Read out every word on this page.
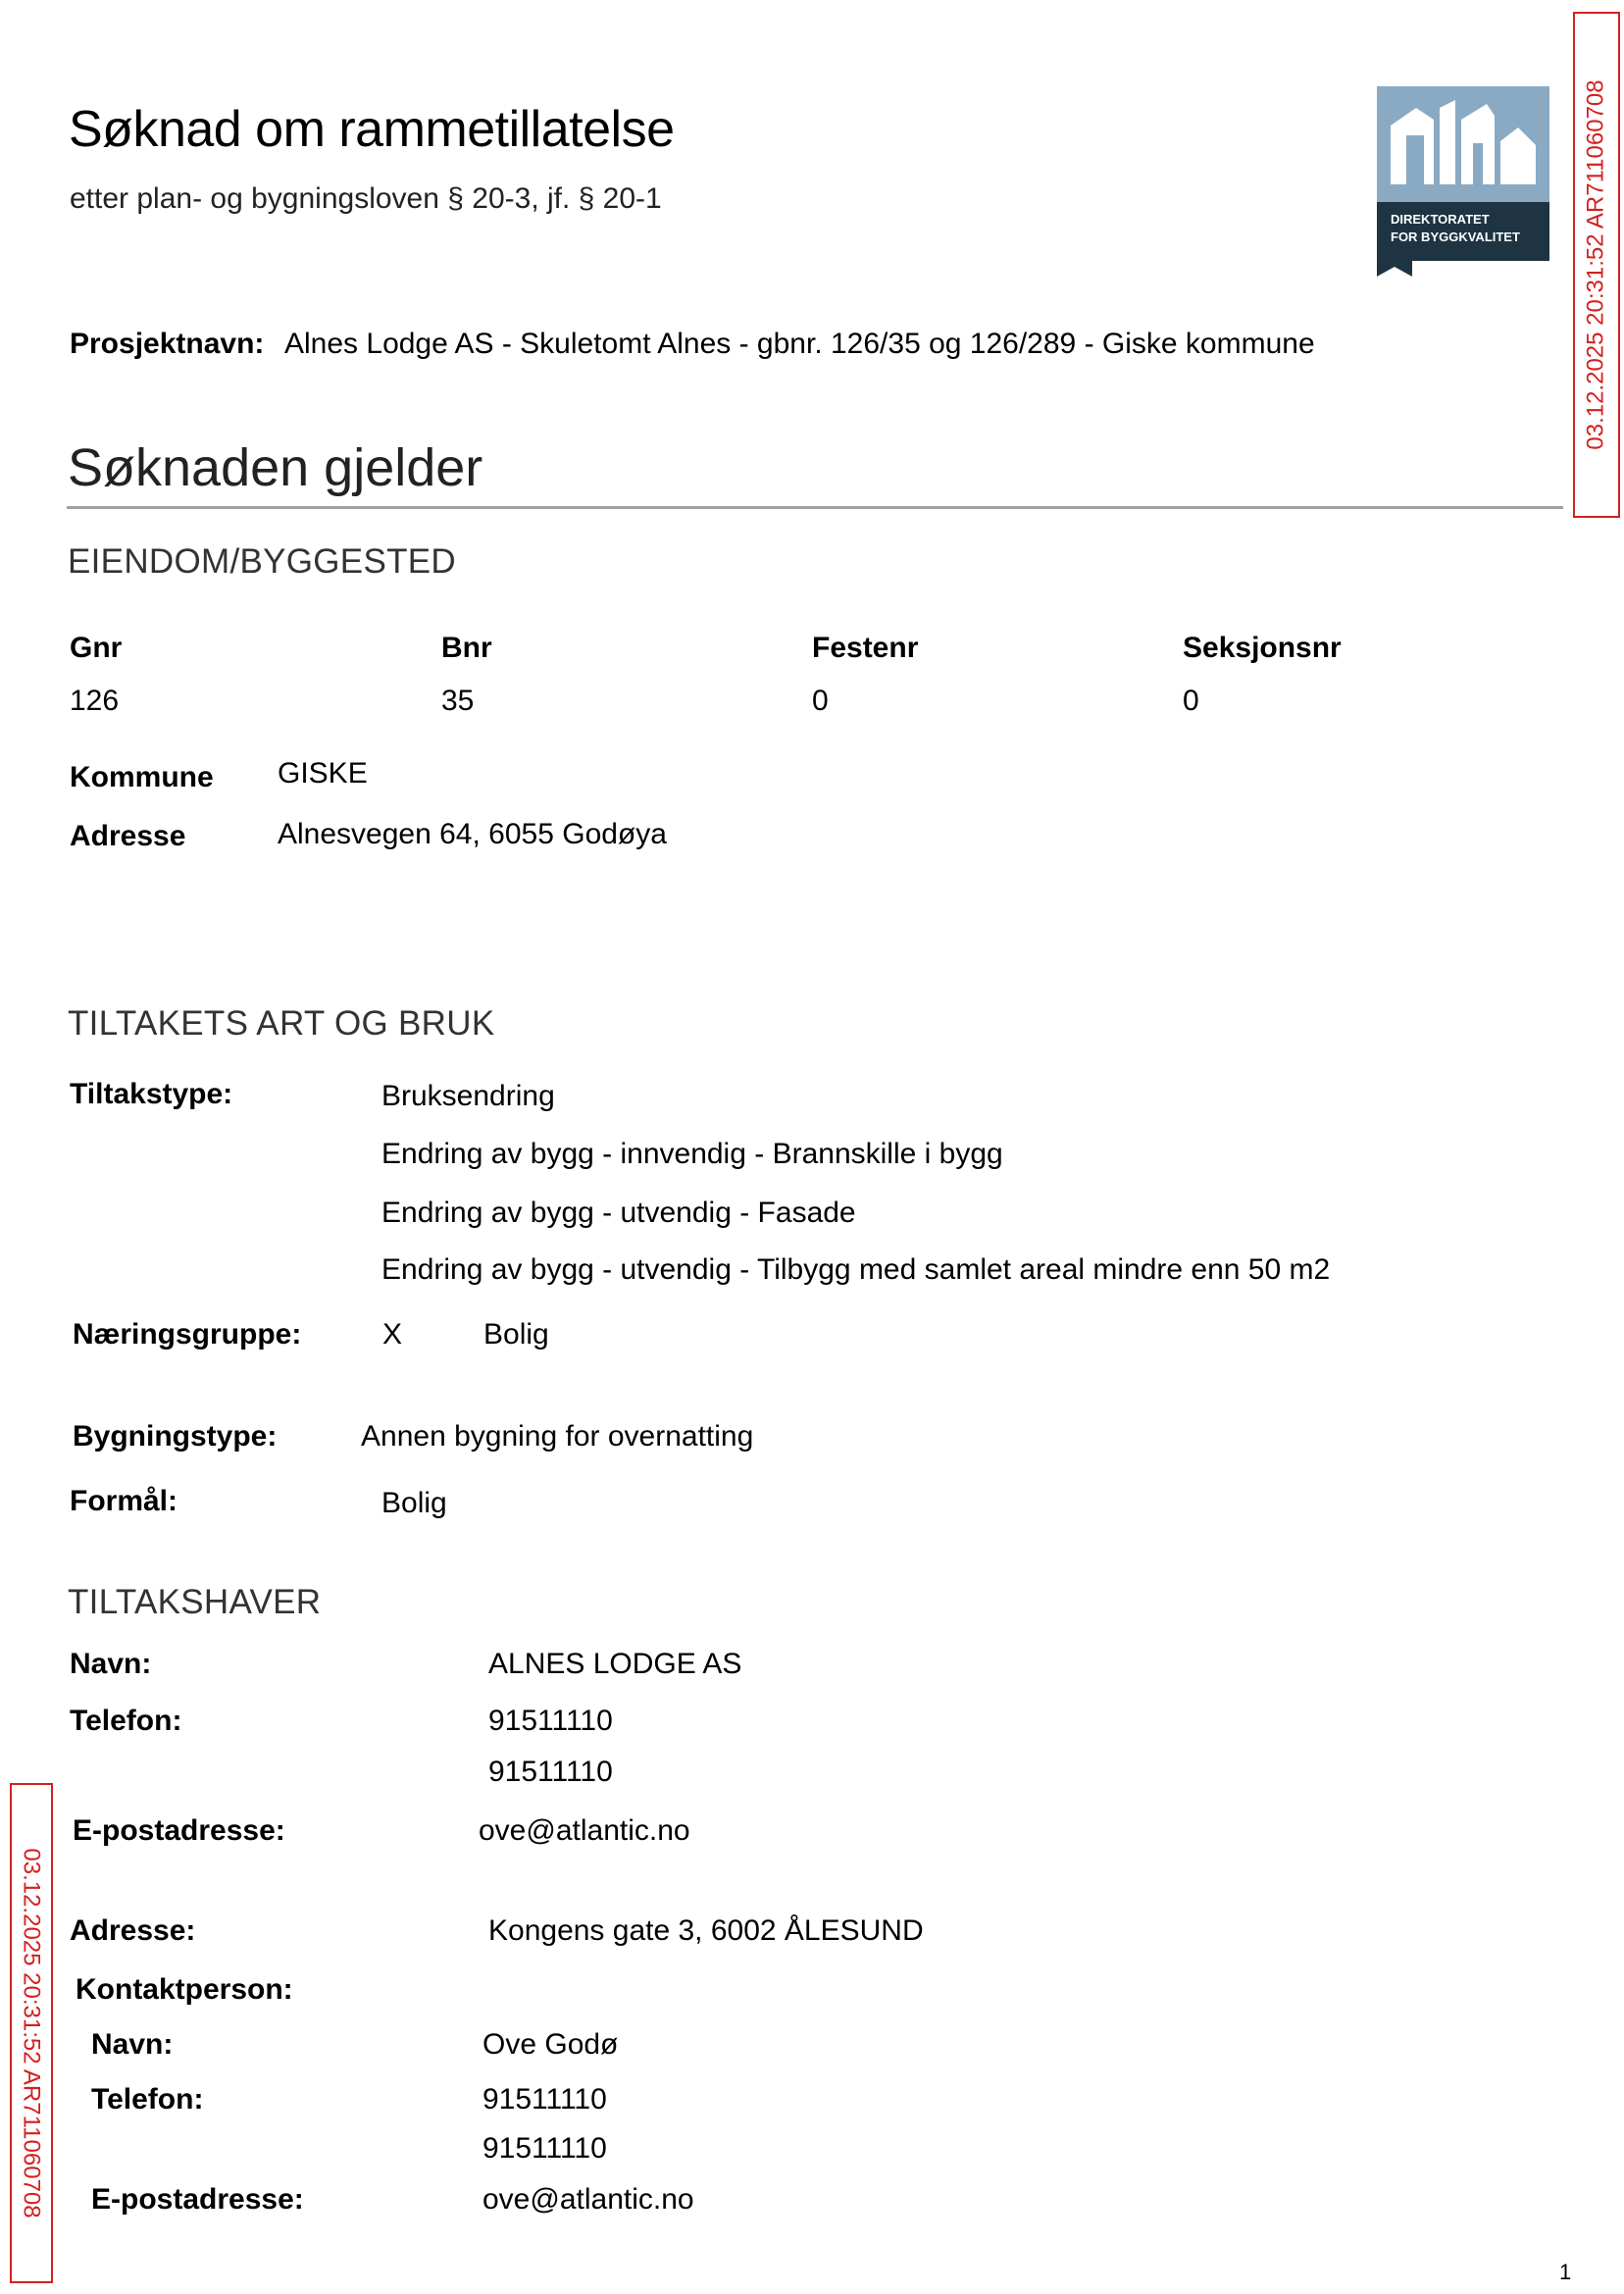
Søknad om rammetillatelse
etter plan- og bygningsloven § 20-3, jf. § 20-1
DIREKTORATET
FOR BYGGKVALITET
Prosjektnavn: Alnes Lodge AS - Skuletomt Alnes - gbnr. 126/35 og 126/289 - Giske kommune
Søknaden gjelder
EIENDOM/BYGGESTED
Gnr	Bnr	Festenr	Seksjonsnr
126	35	0	0
Kommune GISKE
Adresse	Alnesvegen 64, 6055 Godøya
TILTAKETS ART OG BRUK
Tiltakstype:	Bruksendring
Endring av bygg - innvendig - Brannskille i bygg
Endring av bygg - utvendig - Fasade
Endring av bygg - utvendig - Tilbygg med samlet areal mindre enn 50 m2
Næringsgruppe:	X	Bolig
Bygningstype:	Annen bygning for overnatting
Formål:	Bolig
TILTAKSHAVER
Navn:	ALNES LODGE AS
Telefon:	91511110
91511110
E-postadresse:	ove@atlantic.no
Adresse:	Kongens gate 3, 6002 ÅLESUND
Kontaktperson:
Navn:	Ove Godø
Telefon:	91511110
91511110
E-postadresse:	ove@atlantic.no
03.12.2025 20:31:52 AR711060708
03.12.2025 20:31:52 AR711060708
1
